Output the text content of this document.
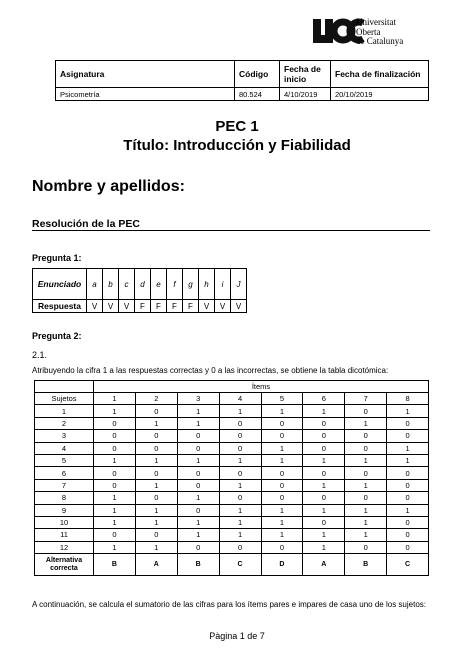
Universitat
Oberta
de Catalunya
Asignatura	Código	Fecha de inicio	Fecha de finalización
Psicometría	80.524	4/10/2019	20/10/2019
PEC 1
Título: Introducción y Fiabilidad
Nombre y apellidos:
Resolución de la PEC
Pregunta 1:
Enunciado	a	b	c	d	e	f	g	h	i	J
Respuesta	V	V	V	F	F	F	F	V	V	V
Pregunta 2:
2.1.
Atribuyendo la cifra 1 a las respuestas correctas y 0 a las incorrectas, se obtiene la tabla dicotómica:
	Ítems							
Sujetos	1	2	3	4	5	6	7	8
1	1	0	1	1	1	1	0	1
2	0	1	1	0	0	0	1	0
3	0	0	0	0	0	0	0	0
4	0	0	0	0	1	0	0	1
5	1	1	1	1	1	1	1	1
6	0	0	0	0	0	0	0	0
7	0	1	0	1	0	1	1	0
8	1	0	1	0	0	0	0	0
9	1	1	0	1	1	1	1	1
10	1	1	1	1	1	0	1	0
11	0	0	1	1	1	1	1	0
12	1	1	0	0	0	1	0	0
Alternativa correcta	B	A	B	C	D	A	B	C
A continuación, se calcula el sumatorio de las cifras para los ítems pares e impares de casa uno de los sujetos:
Pàgina 1 de 7
